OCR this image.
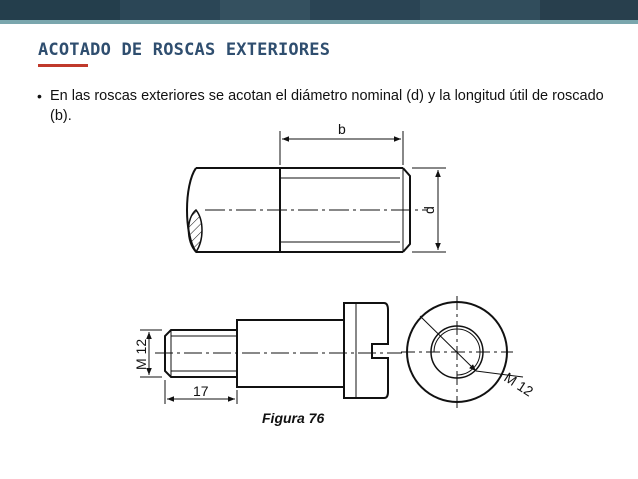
ACOTADO DE ROSCAS EXTERIORES
• En las roscas exteriores se acotan el diámetro nominal (d) y la longitud útil de roscado (b).
b
d
M 12
17	M 12
Figura 76
